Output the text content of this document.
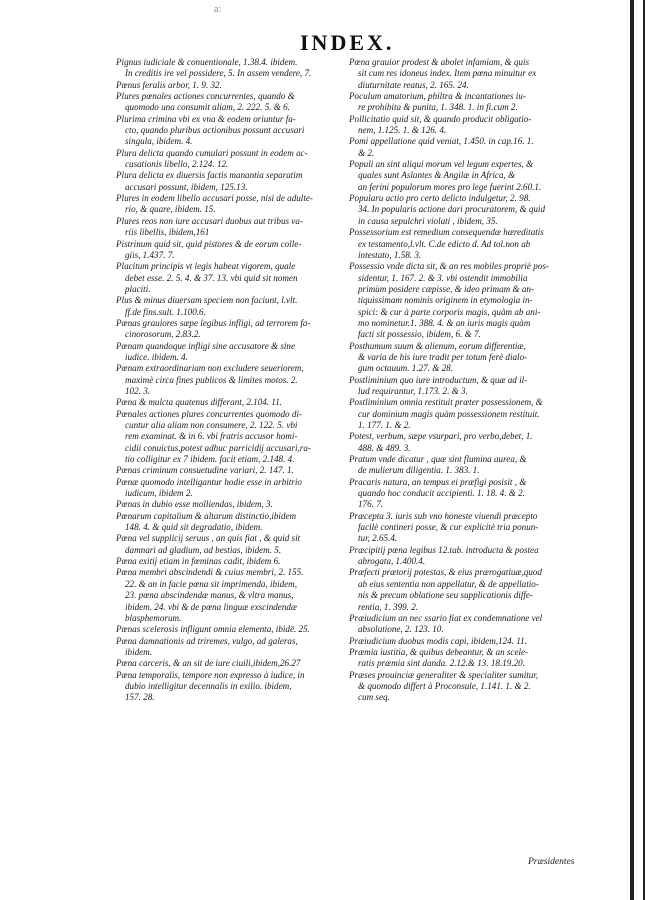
a:
INDEX.
Pignus iudiciale & conuentionale, 1.38.4. ibidem.
In creditis ire vel possidere, 5. In assem vendere, 7.
Pœnus feralis arbor, 1. 9. 32.
Plures pœnales actiones concurrentes, quando &
quomodo una consumit aliam, 2. 222. 5. & 6.
Plurima crimina vbi ex vna & eodem oriuntur fa-
cto, quando pluribus actionibus possunt accusari
singula, ibidem. 4.
Plura delicta quando cumulari possunt in eodem ac-
cusationis libello, 2.124. 12.
Plura delicta ex diuersis factis manantia separatim
accusari possunt, ibidem, 125.13.
Plures in eodem libello accusari posse, nisi de adulte-
rio, & quare, ibidem. 15.
Plures reos non iure accusari duobus aut tribus va-
riis libellis, ibidem,161
Pistrinum quid sit, quid pistores & de eorum colle-
giis, 1.437. 7.
Placitum principis vt legis habeat vigorem, quale
debet esse. 2. 5. 4. & 37. 13. vbi quid sit nomen
placiti.
Plus & minus diuersam speciem non faciunt, l.vlt.
ff.de fins.sult. 1.100.6.
Pœnas grauiores sæpe legibus infligi, ad terrorem fa-
cinorosorum, 2.83.2.
Pœnam quandoque infligi sine accusatore & sine
iudice. ibidem. 4.
Pœnam extraordinariam non excludere seueriorem,
maximè circa fines publicos & limites motos. 2.
102. 3.
Pœna & mulcta quatenus differant, 2.104. 11.
Pœnales actiones plures concurrentes quomodo di-
cuntur alia aliam non consumere, 2. 122. 5. vbi
rem examinat. & in 6. vbi fratris accusor homi-
cidii conuictus,potest adhuc parricidij accusari,ra-
tio colligitur ex 7 ibidem. facit etiam, 2.148. 4.
Pœnas criminum consuetudine variari, 2. 147. 1.
Pœnæ quomodo intelligantur hodie esse in arbitrio
iudicum, ibidem 2.
Pœnas in dubio esse molliendas, ibidem, 3.
Pœnarum capitalium & altarum distinctio,ibidem
148. 4. & quid sit degradatio, ibidem.
Pœna vel supplicij seruus , an quis fiat , & quid sit
damnari ad gladium, ad bestias, ibidem. 5.
Pœna exitij etiam in fœminas cadit, ibidem 6.
Pœna membri abscindendi & cuius membri, 2. 155.
22. & an in facie pœna sit imprimenda, ibidem,
23. pœna abscindendæ manus, & vltra manus,
ibidem. 24. vbi & de pœna linguæ exscindendæ
blasphemorum.
Pœnas scelerosis infligunt omnia elementa, ibidē. 25.
Pœna damnationis ad triremes, vulgo, ad galeras,
ibidem.
Pœna carceris, & an sit de iure ciuili,ibidem,26.27
Pœna temporalis, tempore non expresso à iudice, in
dubio intelligitur decennalis in exilio. ibidem,
157. 28.
Pœna grauior prodest & abolet infamiam, & quis
sit cum res idoneus index. Item pœna minuitur ex
diuturnitate reatus, 2. 165. 24.
Poculum amatorium, philtra & incantationes iu-
re prohibita & punita, 1. 348. 1. in fi.cum 2.
Pollicitatio quid sit, & quando producit obligatio-
nem, 1.125. 1. & 126. 4.
Pomi appellatione quid veniat, 1.450. in cap.16. 1.
& 2.
Populi an sint aliqui morum vel legum expertes, &
quales sunt Aslantes & Angilæ in Africa, &
an ferini populorum mores pro lege fuerint 2.60.1.
Popularu actio pro certo delicto indulgetur, 2. 98.
34. In popularis actione dari procuratorem, & quid
in causa sepulchri violati , ibidem, 35.
Possessorium est remedium consequendæ hæreditatis
ex testamento,l.vlt. C.de edicto d. Ad tol.non ab
intestato, 1.58. 3.
Possessio vnde dicta sit, & an res mobiles propriè pos-
sidentur, 1. 167. 2. & 3. vbi ostendit immobilia
primùm posidere cæpisse, & ideo primam & an-
tiquissimam nominis originem in etymologia in-
spici: & cur à parte corporis magis, quàm ab ani-
mo nominetur.1. 388. 4. & an iuris magis quàm
facti sit possessio, ibidem, 6. & 7.
Posthumum suum & alienum, eorum differentiæ,
& varia de his iure tradit per totum ferè dialo-
gum octauum. 1.27. & 28.
Postliminium quo iure introductum, & quæ ad il-
lud requirantur, 1.173. 2. & 3.
Postliminium omnia restituit præter possessionem, &
cur dominium magis quàm possessionem restituit.
1. 177. 1. & 2.
Potest, verbum, sæpe vsurpari, pro verbo,debet, 1.
488. & 489. 3.
Pratum vnde dicatur , quæ sint flumina aurea, &
de mulierum diligentia. 1. 383. 1.
Pracaris natura, an tempus ei præfigi posisit , &
quando hoc conducit accipienti. 1. 18. 4. & 2.
176. 7.
Præcepta 3. iuris sub vno honeste viuendi præcepto
facilè contineri posse, & cur explicitè tria ponun-
tur, 2.65.4.
Præcipitij pœna legibus 12.tab. introducta & postea
abrogata, 1.400.4.
Præfecti prætorij potestas, & eius prærogatiuæ,quod
ab eius sententia non appellatur, & de appellatio-
nis & precum oblatione seu supplicationis diffe-
rentia, 1. 399. 2.
Præiudicium an nec ssario fiat ex condemnatione vel
absolutione, 2. 123. 10.
Præiudicium duobus modis capi, ibidem,124. 11.
Præmia iustitia, & quibus debeantur, & an scele-
ratis præmia sint danda. 2.12.& 13. 18.19.20.
Præses prouinciæ generaliter & specialiter sumitur,
& quomodo differt à Proconsule, 1.141. 1. & 2.
cum seq.
Præsidentes
